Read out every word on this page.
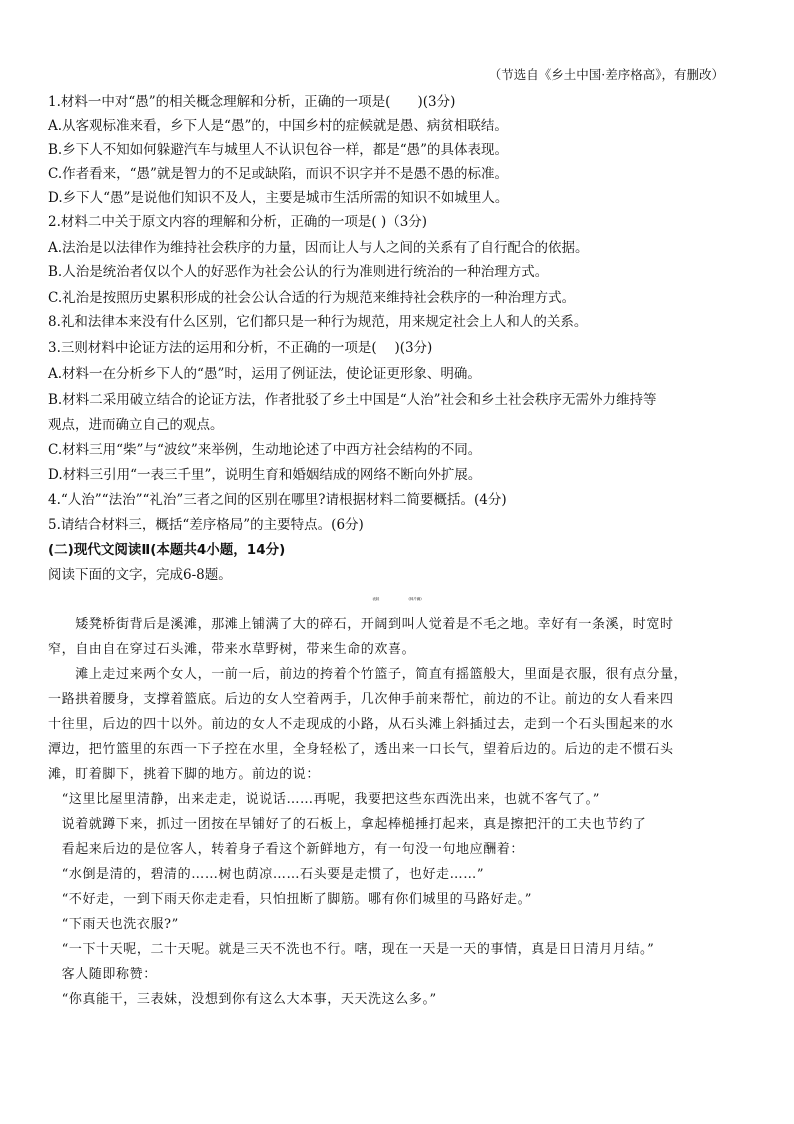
（节选自《乡土中国·差序格高》，有删改）
1.材料一中对“愚”的相关概念理解和分析，正确的一项是(　　)(3分)
A.从客观标准来看，乡下人是“愚”的，中国乡村的症候就是愚、病贫相联结。
B.乡下人不知如何躲避汽车与城里人不认识包谷一样，都是“愚”的具体表现。
C.作者看来，“愚”就是智力的不足或缺陷，而识不识字并不是愚不愚的标准。
D.乡下人“愚”是说他们知识不及人，主要是城市生活所需的知识不如城里人。
2.材料二中关于原文内容的理解和分析，正确的一项是( )（3分)
A.法治是以法律作为维持社会秩序的力量，因而让人与人之间的关系有了自行配合的依据。
B.人治是统治者仅以个人的好恶作为社会公认的行为准则进行统治的一种治理方式。
C.礼治是按照历史累积形成的社会公认合适的行为规范来维持社会秩序的一种治理方式。
8.礼和法律本来没有什么区别，它们都只是一种行为规范，用来规定社会上人和人的关系。
3.三则材料中论证方法的运用和分析，不正确的一项是(　 )(3分)
A.材料一在分析乡下人的“愚”时，运用了例证法，使论证更形象、明确。
B.材料二采用破立结合的论证方法，作者批驳了乡土中国是“人治”社会和乡土社会秩序无需外力维持等
观点，进而确立自己的观点。
C.材料三用“柴”与“波纹”来举例，生动地论述了中西方社会结构的不同。
D.材料三引用“一表三千里”，说明生育和婚姻结成的网络不断向外扩展。
4.“人治”“法治”“礼治”三者之间的区别在哪里?请根据材料二简要概括。(4分)
5.请结合材料三，概括“差序格局”的主要特点。(6分)
(二)现代文阅读Ⅱ(本题共4小题，14分)
阅读下面的文字，完成6-8题。
表妹	(林斤澜)
　　矮凳桥街背后是溪滩，那滩上铺满了大的碎石，开阔到叫人觉着是不毛之地。幸好有一条溪，时宽时
窄，自由自在穿过石头滩，带来水草野树，带来生命的欢喜。
　　滩上走过来两个女人，一前一后，前边的挎着个竹篮子，简直有摇篮般大，里面是衣服，很有点分量，
一路拱着腰身，支撑着篮底。后边的女人空着两手，几次伸手前来帮忙，前边的不让。前边的女人看来四
十往里，后边的四十以外。前边的女人不走现成的小路，从石头滩上斜插过去，走到一个石头围起来的水
潭边，把竹篮里的东西一下子控在水里，全身轻松了，透出来一口长气，望着后边的。后边的走不惯石头
滩，盯着脚下，挑着下脚的地方。前边的说：
　“这里比屋里清静，出来走走，说说话……再呢，我要把这些东西洗出来，也就不客气了。”
　说着就蹲下来，抓过一团按在早铺好了的石板上，拿起棒槌捶打起来，真是擦把汗的工夫也节约了
　看起来后边的是位客人，转着身子看这个新鲜地方，有一句没一句地应酬着：
　“水倒是清的，碧清的……树也荫凉……石头要是走惯了，也好走……”
　“不好走，一到下雨天你走走看，只怕扭断了脚筋。哪有你们城里的马路好走。”
　“下雨天也洗衣服?”
　“一下十天呢，二十天呢。就是三天不洗也不行。嗐，现在一天是一天的事情，真是日日清月月结。”
　客人随即称赞：
　“你真能干，三表妹，没想到你有这么大本事，天天洗这么多。”
